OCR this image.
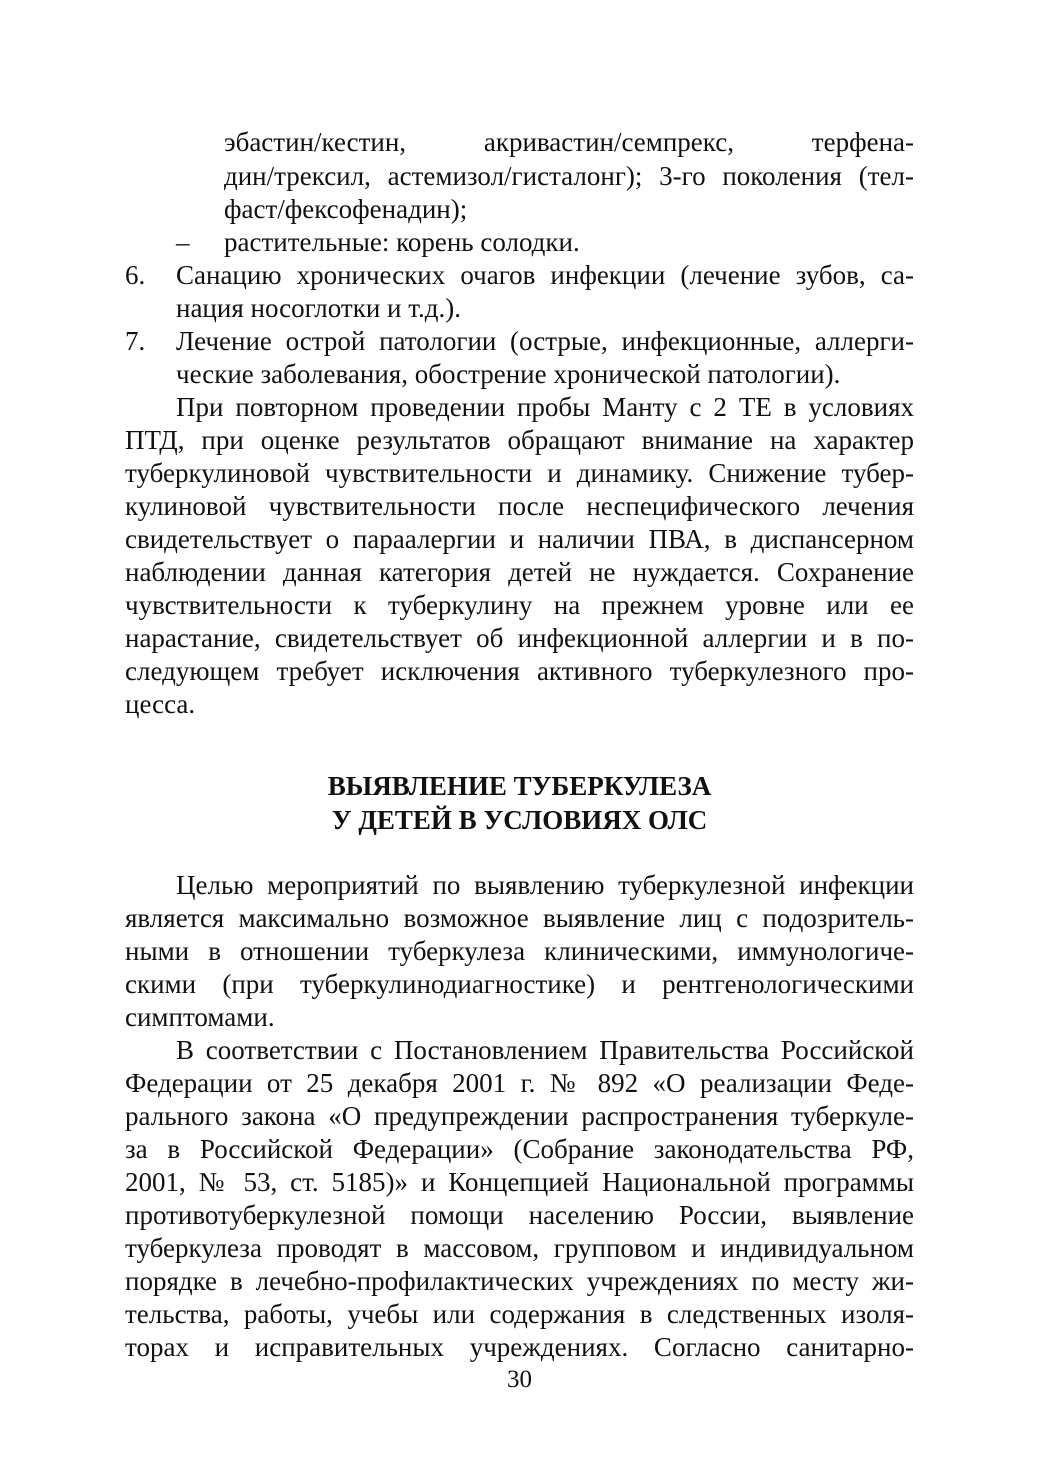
эбастин/кестин, акривастин/семпрекс, терфена-
дин/трексил, астемизол/гисталонг); 3-го поколения (тел-
фаст/фексофенадин);
– растительные: корень солодки.
6. Санацию хронических очагов инфекции (лечение зубов, са-
нация носоглотки и т.д.).
7. Лечение острой патологии (острые, инфекционные, аллерги-
ческие заболевания, обострение хронической патологии).
При повторном проведении пробы Манту с 2 ТЕ в условиях
ПТД, при оценке результатов обращают внимание на характер
туберкулиновой чувствительности и динамику. Снижение тубер-
кулиновой чувствительности после неспецифического лечения
свидетельствует о параалергии и наличии ПВА, в диспансерном
наблюдении данная категория детей не нуждается. Сохранение
чувствительности к туберкулину на прежнем уровне или ее
нарастание, свидетельствует об инфекционной аллергии и в по-
следующем требует исключения активного туберкулезного про-
цесса.
ВЫЯВЛЕНИЕ ТУБЕРКУЛЕЗА
У ДЕТЕЙ В УСЛОВИЯХ ОЛС
Целью мероприятий по выявлению туберкулезной инфекции
является максимально возможное выявление лиц с подозритель-
ными в отношении туберкулеза клиническими, иммунологиче-
скими (при туберкулинодиагностике) и рентгенологическими
симптомами.
В соответствии с Постановлением Правительства Российской
Федерации от 25 декабря 2001 г. № 892 «О реализации Феде-
рального закона «О предупреждении распространения туберкуле-
за в Российской Федерации» (Собрание законодательства РФ,
2001, № 53, ст. 5185)» и Концепцией Национальной программы
противотуберкулезной помощи населению России, выявление
туберкулеза проводят в массовом, групповом и индивидуальном
порядке в лечебно-профилактических учреждениях по месту жи-
тельства, работы, учебы или содержания в следственных изоля-
торах и исправительных учреждениях. Согласно санитарно-
30
